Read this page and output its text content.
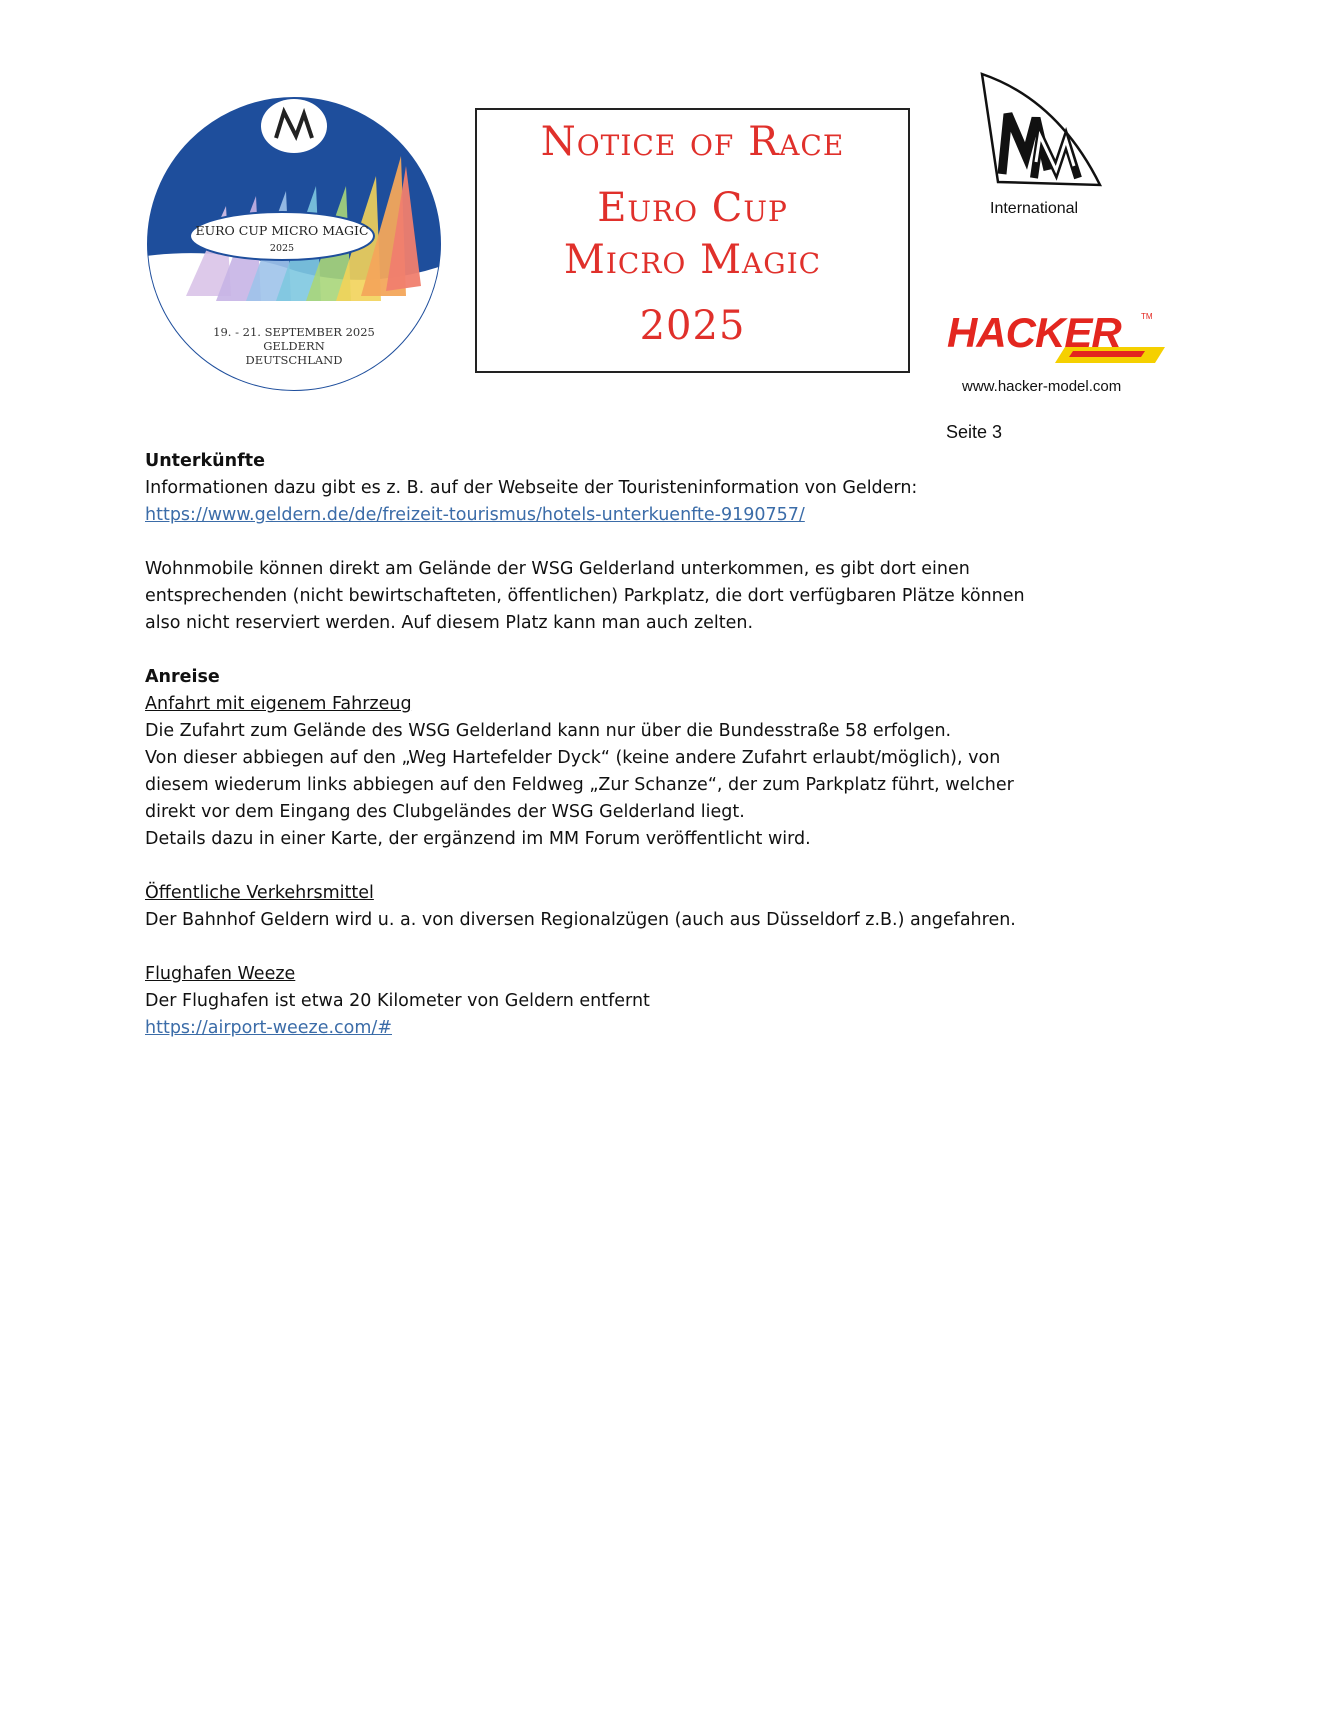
EURO CUP MICRO MAGIC
2025
19. - 21. SEPTEMBER 2025
GELDERN
DEUTSCHLAND
Notice of Race
Euro Cup
Micro Magic
2025
International
HACKER	TM
www.hacker-model.com
Seite 3

Unterkünfte

Informationen dazu gibt es z. B. auf der Webseite der Touristeninformation von Geldern:

https://www.geldern.de/de/freizeit-tourismus/hotels-unterkuenfte-9190757/

Wohnmobile können direkt am Gelände der WSG Gelderland unterkommen, es gibt dort einen

entsprechenden (nicht bewirtschafteten, öffentlichen) Parkplatz, die dort verfügbaren Plätze können

also nicht reserviert werden. Auf diesem Platz kann man auch zelten.

Anreise

Anfahrt mit eigenem Fahrzeug

Die Zufahrt zum Gelände des WSG Gelderland kann nur über die Bundesstraße 58 erfolgen.

Von dieser abbiegen auf den „Weg Hartefelder Dyck“ (keine andere Zufahrt erlaubt/möglich), von

diesem wiederum links abbiegen auf den Feldweg „Zur Schanze“, der zum Parkplatz führt, welcher

direkt vor dem Eingang des Clubgeländes der WSG Gelderland liegt.

Details dazu in einer Karte, der ergänzend im MM Forum veröffentlicht wird.

Öffentliche Verkehrsmittel

Der Bahnhof Geldern wird u. a. von diversen Regionalzügen (auch aus Düsseldorf z.B.) angefahren.

Flughafen Weeze

Der Flughafen ist etwa 20 Kilometer von Geldern entfernt

https://airport-weeze.com/#
